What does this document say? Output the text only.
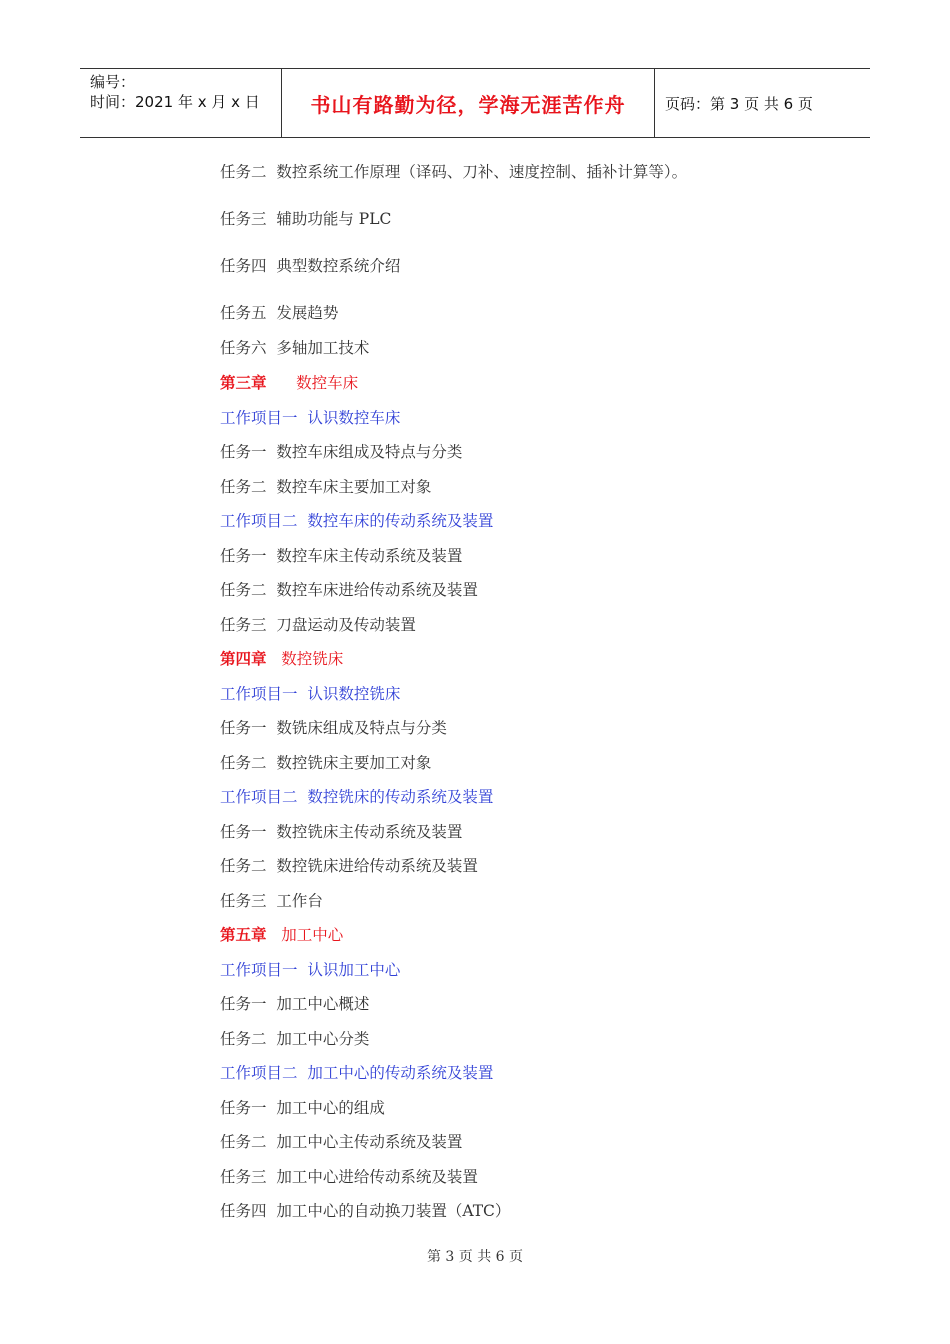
编号：
时间：2021 年 x 月 x 日	书山有路勤为径，学海无涯苦作舟	页码：第 3 页 共 6 页
任务二 数控系统工作原理（译码、刀补、速度控制、插补计算等）。
任务三 辅助功能与 PLC
任务四 典型数控系统介绍
任务五 发展趋势
任务六 多轴加工技术
第三章 数控车床
工作项目一 认识数控车床
任务一 数控车床组成及特点与分类
任务二 数控车床主要加工对象
工作项目二 数控车床的传动系统及装置
任务一 数控车床主传动系统及装置
任务二 数控车床进给传动系统及装置
任务三 刀盘运动及传动装置
第四章 数控铣床
工作项目一 认识数控铣床
任务一 数铣床组成及特点与分类
任务二 数控铣床主要加工对象
工作项目二 数控铣床的传动系统及装置
任务一 数控铣床主传动系统及装置
任务二 数控铣床进给传动系统及装置
任务三 工作台
第五章 加工中心
工作项目一 认识加工中心
任务一 加工中心概述
任务二 加工中心分类
工作项目二 加工中心的传动系统及装置
任务一 加工中心的组成
任务二 加工中心主传动系统及装置
任务三 加工中心进给传动系统及装置
任务四 加工中心的自动换刀装置（ATC）
第 3 页 共 6 页
